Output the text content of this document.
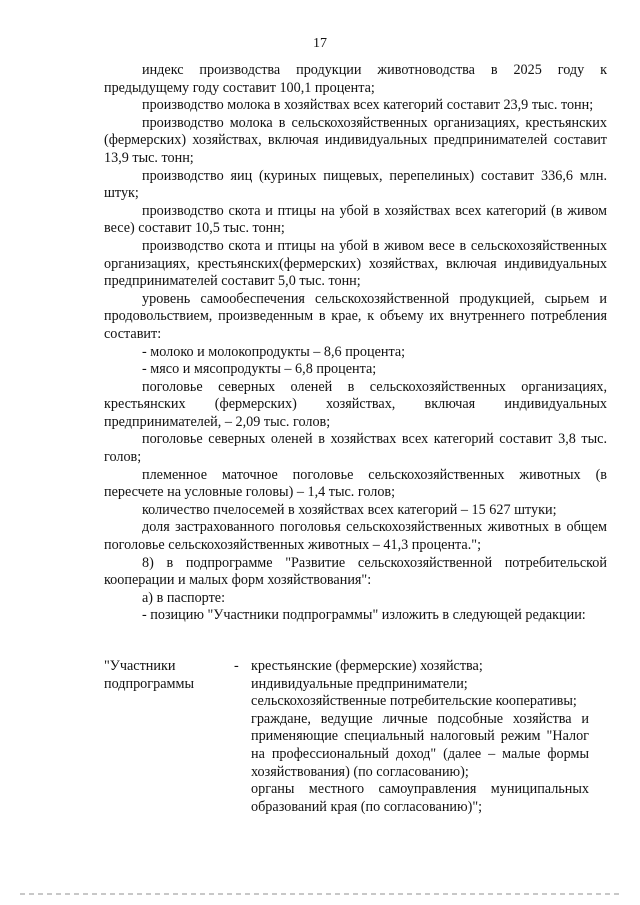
17

индекс производства продукции животноводства в 2025 году к предыдущему году составит 100,1 процента;

производство молока в хозяйствах всех категорий составит 23,9 тыс. тонн;

производство молока в сельскохозяйственных организациях, крестьянских (фермерских) хозяйствах, включая индивидуальных предпринимателей составит 13,9 тыс. тонн;

производство яиц (куриных пищевых, перепелиных) составит 336,6 млн. штук;

производство скота и птицы на убой в хозяйствах всех категорий (в живом весе) составит 10,5 тыс. тонн;

производство скота и птицы на убой в живом весе в сельскохозяйственных организациях, крестьянских(фермерских) хозяйствах, включая индивидуальных предпринимателей составит 5,0 тыс. тонн;

уровень самообеспечения сельскохозяйственной продукцией, сырьем и продовольствием, произведенным в крае, к объему их внутреннего потребления составит:

- молоко и молокопродукты – 8,6 процента;

- мясо и мясопродукты – 6,8 процента;

поголовье северных оленей в сельскохозяйственных организациях, крестьянских (фермерских) хозяйствах, включая индивидуальных предпринимателей, – 2,09 тыс. голов;

поголовье северных оленей в хозяйствах всех категорий составит 3,8 тыс. голов;

племенное маточное поголовье сельскохозяйственных животных (в пересчете на условные головы) – 1,4 тыс. голов;

количество пчелосемей в хозяйствах всех категорий – 15 627 штуки;

доля застрахованного поголовья сельскохозяйственных животных в общем поголовье сельскохозяйственных животных – 41,3 процента.";

8) в подпрограмме "Развитие сельскохозяйственной потребительской кооперации и малых форм хозяйствования":

а) в паспорте:

- позицию "Участники подпрограммы" изложить в следующей редакции:

"Участники подпрограммы
- крестьянские (фермерские) хозяйства;

индивидуальные предприниматели;

сельскохозяйственные потребительские кооперативы;

граждане, ведущие личные подсобные хозяйства и применяющие специальный налоговый режим "Налог на профессиональный доход" (далее – малые формы хозяйствования) (по согласованию);

органы местного самоуправления муниципальных образований края (по согласованию)";
